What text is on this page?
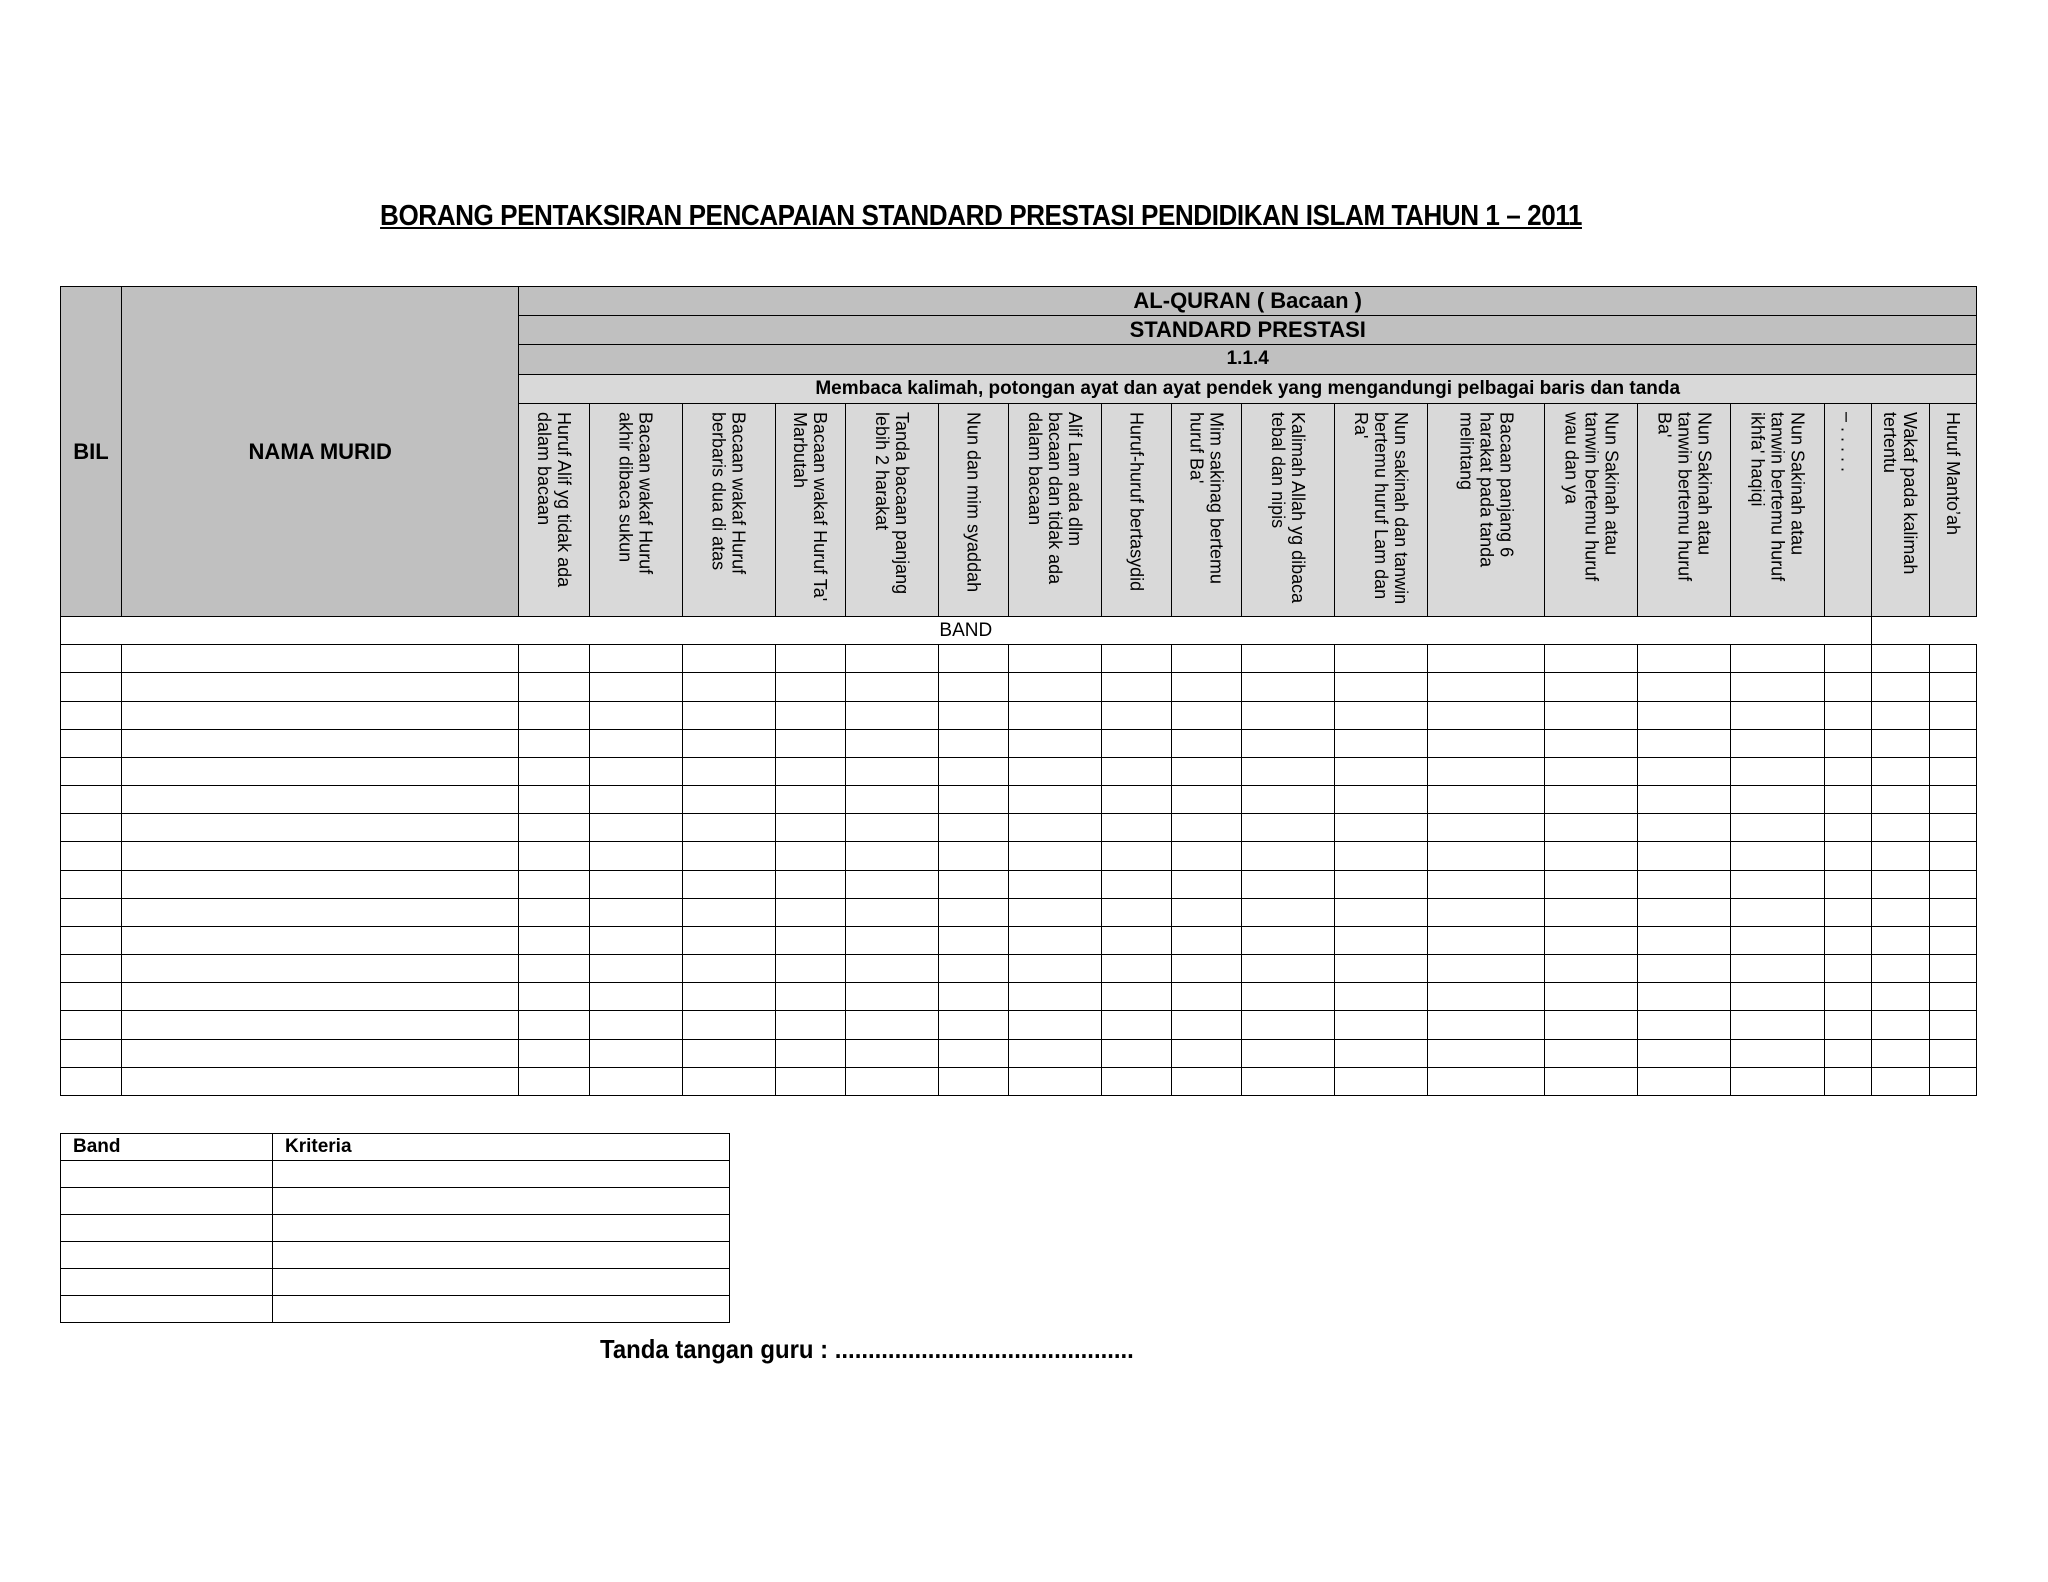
BORANG PENTAKSIRAN PENCAPAIAN STANDARD PRESTASI PENDIDIKAN ISLAM TAHUN 1 – 2011
BIL	NAMA MURID	AL-QURAN ( Bacaan )																	
		STANDARD PRESTASI																	
		1.1.4																	
		Membaca kalimah, potongan ayat dan ayat pendek yang mengandungi pelbagai baris dan tanda																	

		Huruf Alif yg tidak ada dalam bacaan	Bacaan wakaf Huruf akhir dibaca sukun	Bacaan wakaf Huruf berbaris dua di atas	Bacaan wakaf Huruf Ta' Marbutah	Tanda bacaan panjang lebih 2 harakat	Nun dan mim syaddah	Alif Lam ada dlm bacaan dan tidak ada dalam bacaan	Huruf-huruf bertasydid	Mim sakinag bertemu huruf Ba'	Kalimah Allah yg dibaca tebal dan nipis	Nun sakinah dan tanwin bertemu huruf Lam dan Ra'	Bacaan panjang 6 harakat pada tanda melintang	Nun Sakinah atau tanwin bertemu huruf wau dan ya	Nun Sakinah atau tanwin bertemu huruf Ba'	Nun Sakinah atau tanwin bertemu huruf ikhfa' haqiqi	– . . . . .	Wakaf pada kalimah tertentu	Huruf Mantoʼah

BAND																			

Band	Kriteria

Tanda tangan guru : .............................................
